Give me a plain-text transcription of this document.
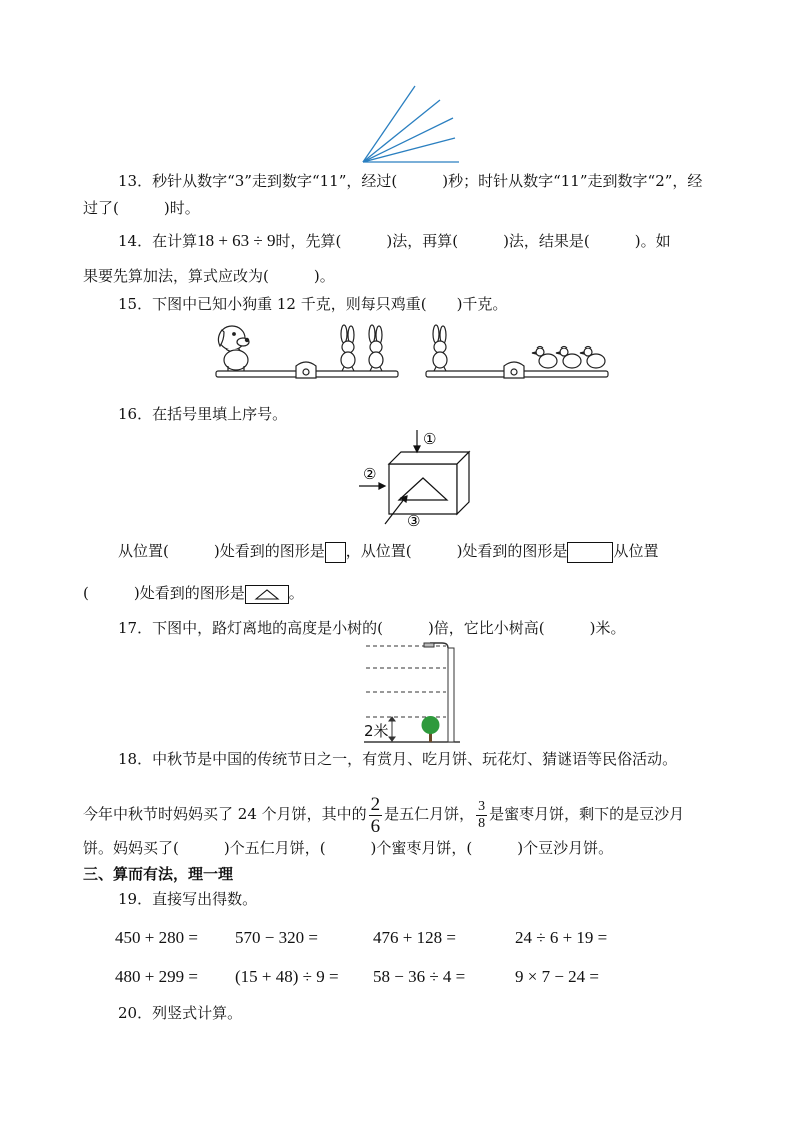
13．秒针从数字“3”走到数字“11”，经过(　　　)秒；时针从数字“11”走到数字“2”，经
过了(　　　)时。
14．在计算18 + 63 ÷ 9时，先算(　　　)法，再算(　　　)法，结果是(　　　)。如
果要先算加法，算式应改为(　　　)。
15．下图中已知小狗重 12 千克，则每只鸡重(　　)千克。
16．在括号里填上序号。
①
②
③
从位置(　　　)处看到的图形是 ，从位置(　　　)处看到的图形是	从位置
(　　　)处看到的图形是	。
17．下图中，路灯离地的高度是小树的(　　　)倍，它比小树高(　　　)米。
2米
18．中秋节是中国的传统节日之一，有赏月、吃月饼、玩花灯、猜谜语等民俗活动。
今年中秋节时妈妈买了 24 个月饼，其中的 $\frac{2}{6}$ 是五仁月饼， $\frac{3}{8}$ 是蜜枣月饼，剩下的是豆沙月
饼。妈妈买了(　　　)个五仁月饼，(　　　)个蜜枣月饼，(　　　)个豆沙月饼。
三、算而有法，理一理
19．直接写出得数。
450 + 280 = 570 − 320 =	476 + 128 =	24 ÷ 6 + 19 =
480 + 299 = (15 + 48) ÷ 9 = 58 − 36 ÷ 4 =	9 × 7 − 24 =
20．列竖式计算。
